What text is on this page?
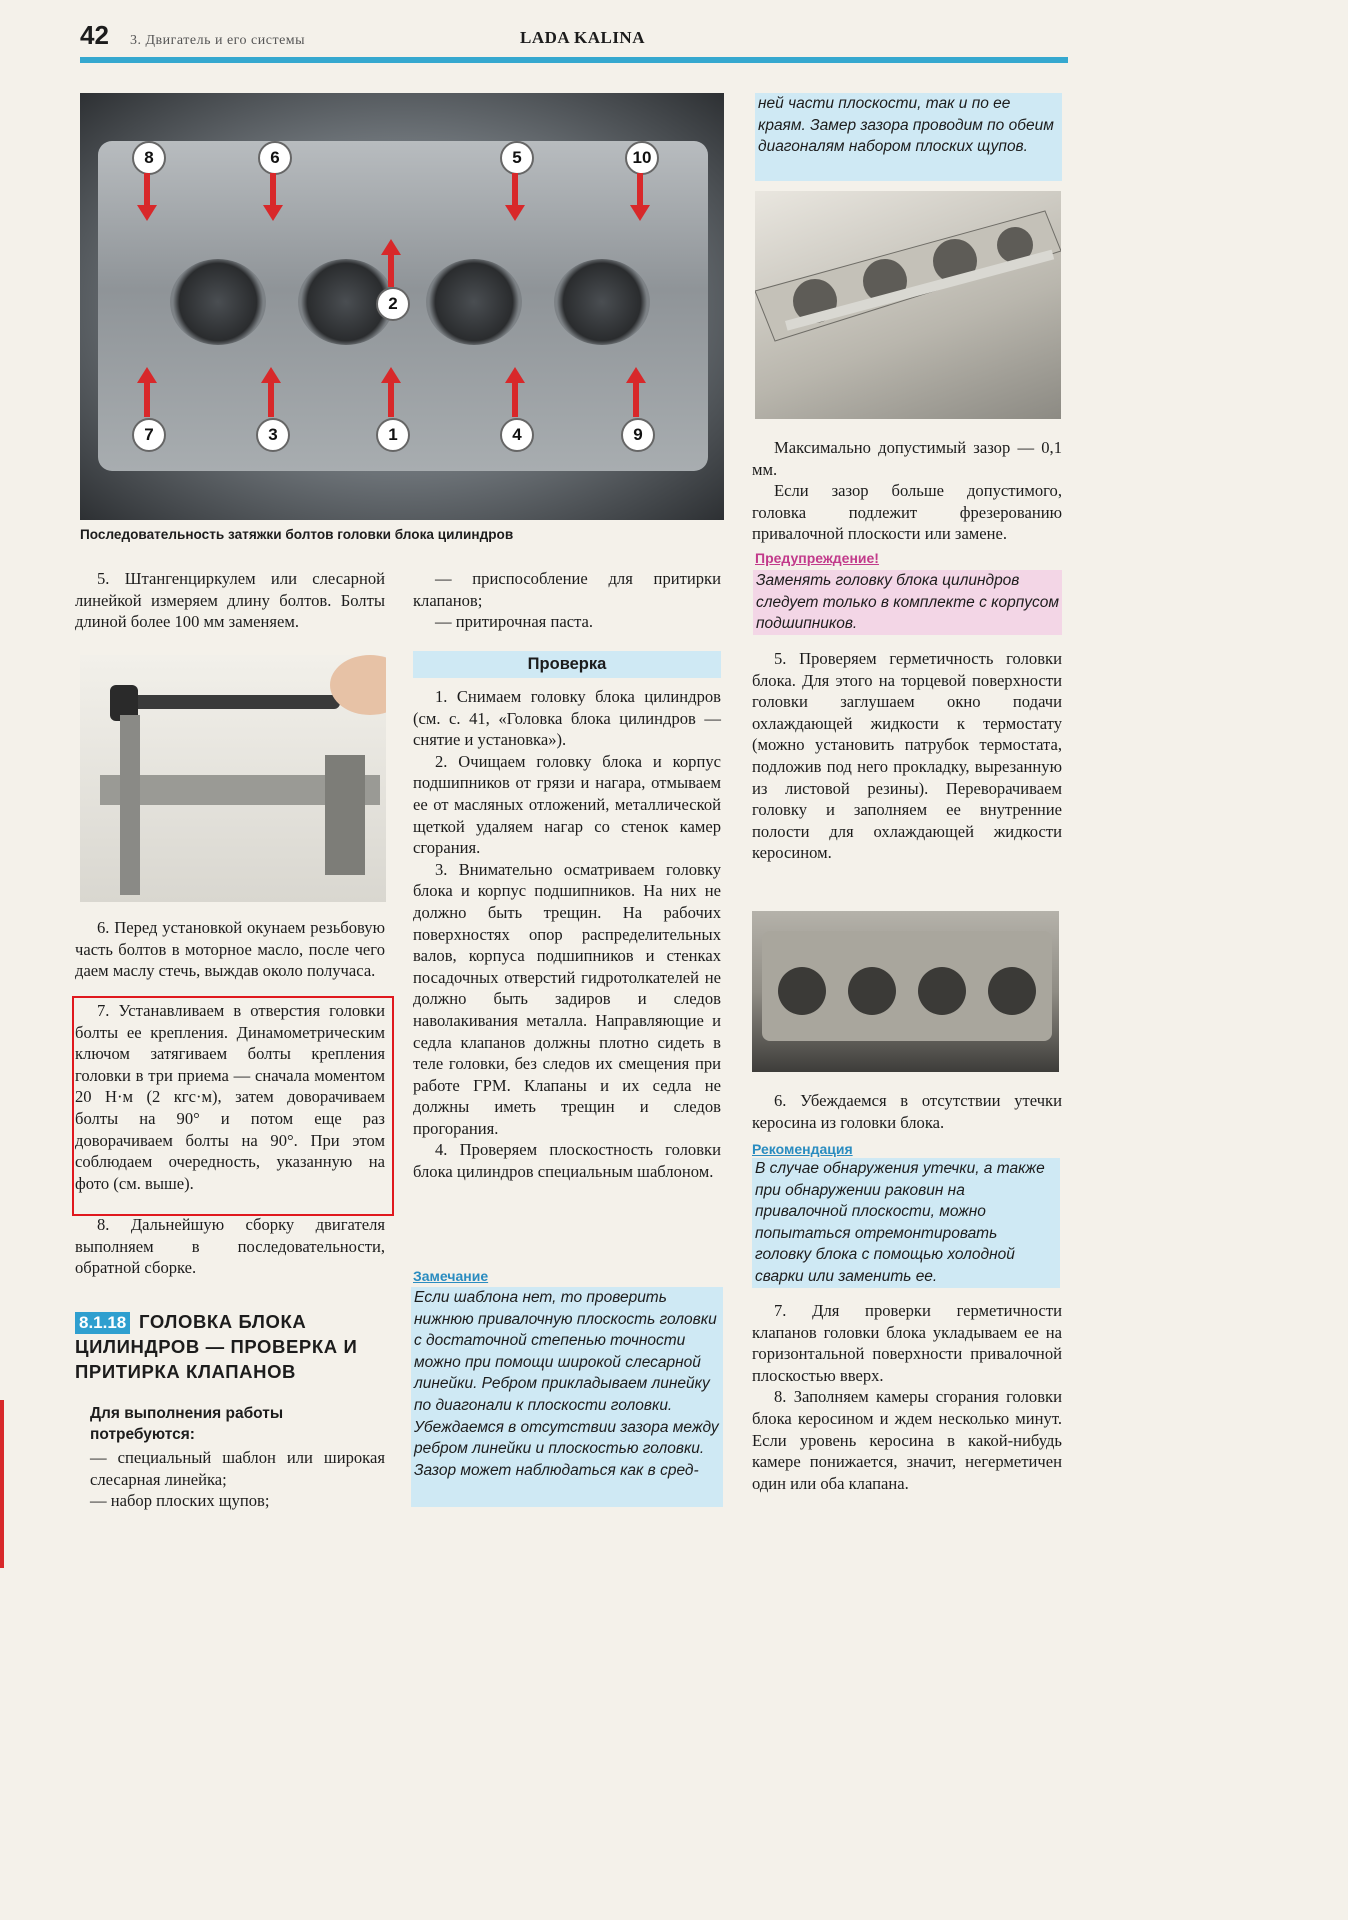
42 3. Двигатель и его системы	LADA KALINA
8	6	5	10
2
7	3	1	4	9
Последовательность затяжки болтов головки блока цилиндров

5. Штангенциркулем или слесарной линейкой измеряем длину болтов. Болты длиной более 100 мм заменяем.

6. Перед установкой окунаем резьбовую часть болтов в моторное масло, после чего даем маслу стечь, выждав около получаса.

7. Устанавливаем в отверстия головки болты ее крепления. Динамометрическим ключом затягиваем болты крепления головки в три приема — сначала моментом 20 Н·м (2 кгс·м), затем доворачиваем болты на 90° и потом еще раз доворачиваем болты на 90°. При этом соблюдаем очередность, указанную на фото (см. выше).

8. Дальнейшую сборку двигателя выполняем в последовательности, обратной сборке.

ГОЛОВКА БЛОКА ЦИЛИНДРОВ — ПРОВЕРКА И ПРИТИРКА КЛАПАНОВ
8.1.18
Для выполнения работы потребуются:

— специальный шаблон или широкая слесарная линейка;

— набор плоских щупов;

— приспособление для притирки клапанов;

— притирочная паста.

Проверка

1. Снимаем головку блока цилиндров (см. с. 41, «Головка блока цилиндров — снятие и установка»).

2. Очищаем головку блока и корпус подшипников от грязи и нагара, отмываем ее от масляных отложений, металлической щеткой удаляем нагар со стенок камер сгорания.

3. Внимательно осматриваем головку блока и корпус подшипников. На них не должно быть трещин. На рабочих поверхностях опор распределительных валов, корпуса подшипников и стенках посадочных отверстий гидротолкателей не должно быть задиров и следов наволакивания металла. Направляющие и седла клапанов должны плотно сидеть в теле головки, без следов их смещения при работе ГРМ. Клапаны и их седла не должны иметь трещин и следов прогорания.

4. Проверяем плоскостность головки блока цилиндров специальным шаблоном.

Замечание
Если шаблона нет, то проверить нижнюю привалочную плоскость головки с достаточной степенью точности можно при помощи широкой слесарной линейки. Ребром прикладываем линейку по диагонали к плоскости головки. Убеждаемся в отсутствии зазора между ребром линейки и плоскостью головки. Зазор может наблюдаться как в сред-
ней части плоскости, так и по ее краям. Замер зазора проводим по обеим диагоналям набором плоских щупов.

Максимально допустимый зазор — 0,1 мм.

Если зазор больше допустимого, головка подлежит фрезерованию привалочной плоскости или замене.

Предупреждение!
Заменять головку блока цилиндров следует только в комплекте с корпусом подшипников.

5. Проверяем герметичность головки блока. Для этого на торцевой поверхности головки заглушаем окно подачи охлаждающей жидкости к термостату (можно установить патрубок термостата, подложив под него прокладку, вырезанную из листовой резины). Переворачиваем головку и заполняем ее внутренние полости для охлаждающей жидкости керосином.

6. Убеждаемся в отсутствии утечки керосина из головки блока.

Рекомендация
В случае обнаружения утечки, а также при обнаружении раковин на привалочной плоскости, можно попытаться отремонтировать головку блока с помощью холодной сварки или заменить ее.

7. Для проверки герметичности клапанов головки блока укладываем ее на горизонтальной поверхности привалочной плоскостью вверх.

8. Заполняем камеры сгорания головки блока керосином и ждем несколько минут. Если уровень керосина в какой-нибудь камере понижается, значит, негерметичен один или оба клапана.
